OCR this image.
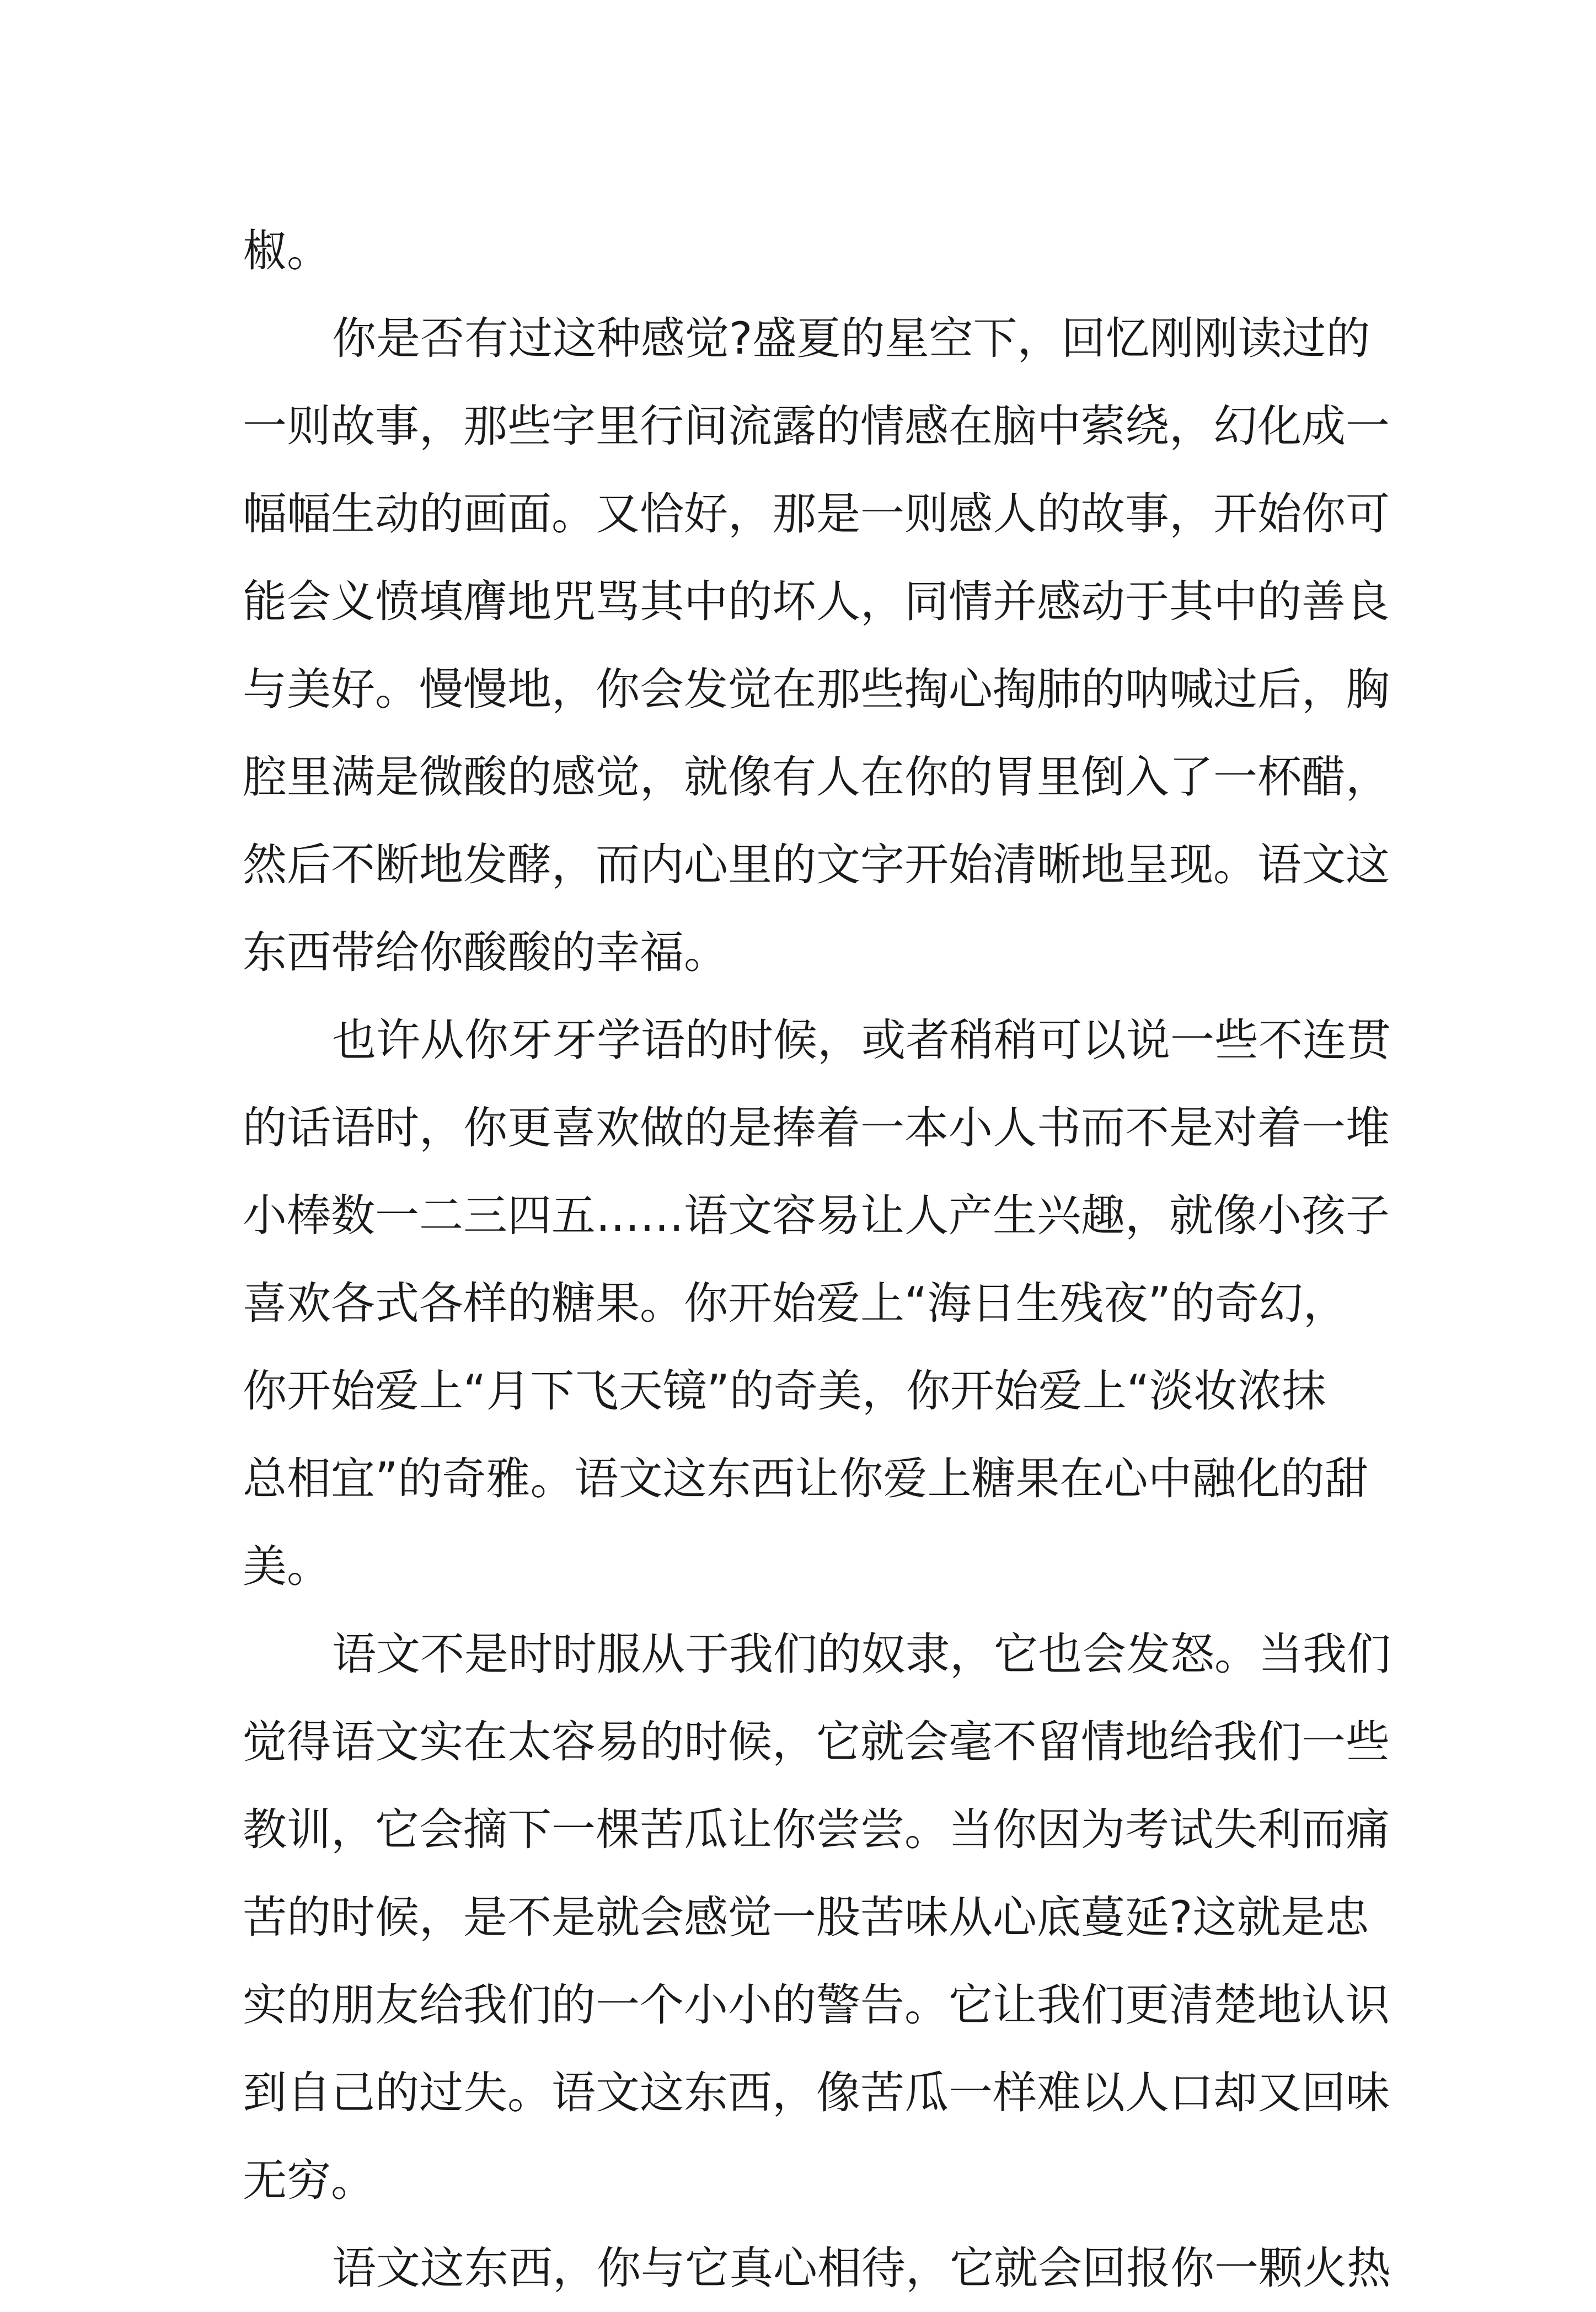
椒。
你是否有过这种感觉?盛夏的星空下，回忆刚刚读过的
一则故事，那些字里行间流露的情感在脑中萦绕，幻化成一
幅幅生动的画面。又恰好，那是一则感人的故事，开始你可
能会义愤填膺地咒骂其中的坏人，同情并感动于其中的善良
与美好。慢慢地，你会发觉在那些掏心掏肺的呐喊过后，胸
腔里满是微酸的感觉，就像有人在你的胃里倒入了一杯醋，
然后不断地发酵，而内心里的文字开始清晰地呈现。语文这
东西带给你酸酸的幸福。
也许从你牙牙学语的时候，或者稍稍可以说一些不连贯
的话语时，你更喜欢做的是捧着一本小人书而不是对着一堆
小棒数一二三四五……语文容易让人产生兴趣，就像小孩子
喜欢各式各样的糖果。你开始爱上“海日生残夜”的奇幻，
你开始爱上“月下飞天镜”的奇美，你开始爱上“淡妆浓抹
总相宜”的奇雅。语文这东西让你爱上糖果在心中融化的甜
美。
语文不是时时服从于我们的奴隶，它也会发怒。当我们
觉得语文实在太容易的时候，它就会毫不留情地给我们一些
教训，它会摘下一棵苦瓜让你尝尝。当你因为考试失利而痛
苦的时候，是不是就会感觉一股苦味从心底蔓延?这就是忠
实的朋友给我们的一个小小的警告。它让我们更清楚地认识
到自己的过失。语文这东西，像苦瓜一样难以人口却又回味
无穷。
语文这东西，你与它真心相待，它就会回报你一颗火热
